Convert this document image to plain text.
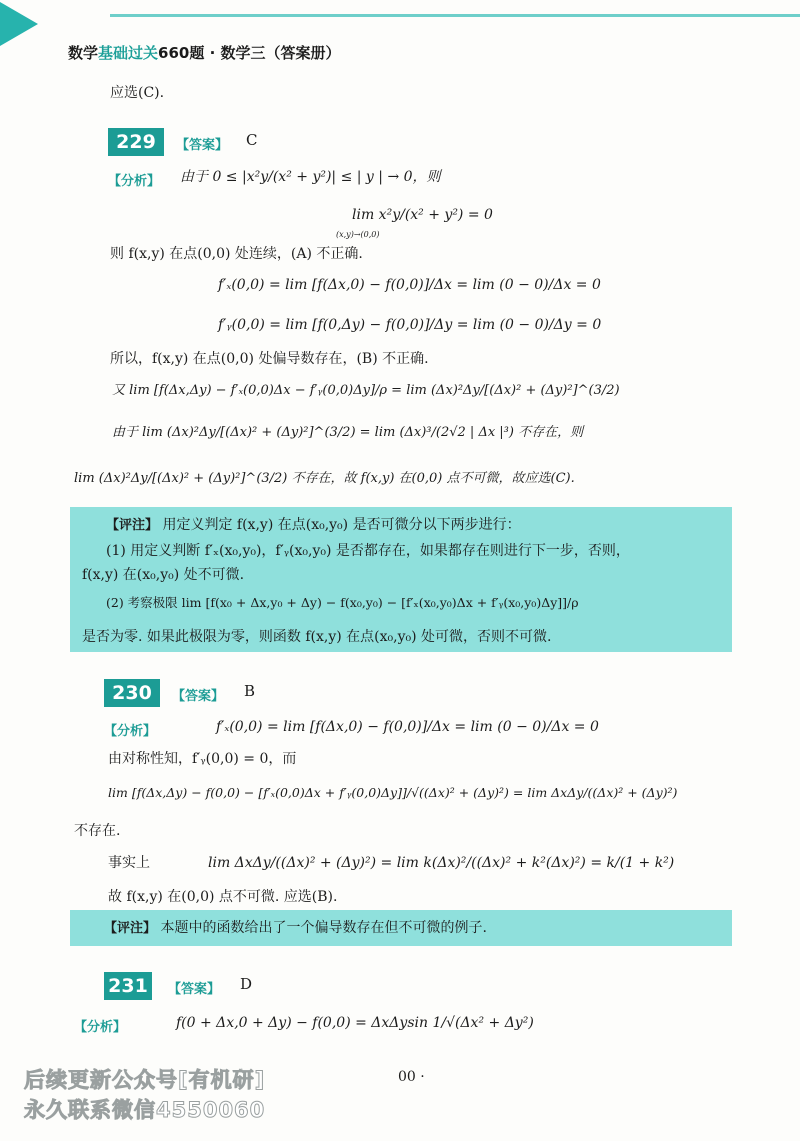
数学基础过关660题 · 数学三（答案册）
应选(C).
229	【答案】 C
【分析】 由于 0 ≤ |x²y/(x² + y²)| ≤ | y | → 0，则
lim x²y/(x² + y²) = 0
(x,y)→(0,0)
则 f(x,y) 在点(0,0) 处连续，(A) 不正确.
f′ₓ(0,0) = lim [f(Δx,0) − f(0,0)]/Δx = lim (0 − 0)/Δx = 0
f′ᵧ(0,0) = lim [f(0,Δy) − f(0,0)]/Δy = lim (0 − 0)/Δy = 0
所以，f(x,y) 在点(0,0) 处偏导数存在，(B) 不正确.
又 lim [f(Δx,Δy) − f′ₓ(0,0)Δx − f′ᵧ(0,0)Δy]/ρ = lim (Δx)²Δy/[(Δx)² + (Δy)²]^(3/2)
由于 lim (Δx)²Δy/[(Δx)² + (Δy)²]^(3/2) = lim (Δx)³/(2√2 | Δx |³) 不存在，则
lim (Δx)²Δy/[(Δx)² + (Δy)²]^(3/2) 不存在，故 f(x,y) 在(0,0) 点不可微，故应选(C).
【评注】 用定义判定 f(x,y) 在点(x₀,y₀) 是否可微分以下两步进行：
(1) 用定义判断 f′ₓ(x₀,y₀)，f′ᵧ(x₀,y₀) 是否都存在，如果都存在则进行下一步，否则，
f(x,y) 在(x₀,y₀) 处不可微.
(2) 考察极限 lim [f(x₀ + Δx,y₀ + Δy) − f(x₀,y₀) − [f′ₓ(x₀,y₀)Δx + f′ᵧ(x₀,y₀)Δy]]/ρ
是否为零. 如果此极限为零，则函数 f(x,y) 在点(x₀,y₀) 处可微，否则不可微.
230	【答案】 B
【分析】	f′ₓ(0,0) = lim [f(Δx,0) − f(0,0)]/Δx = lim (0 − 0)/Δx = 0
由对称性知，f′ᵧ(0,0) = 0，而
lim [f(Δx,Δy) − f(0,0) − [f′ₓ(0,0)Δx + f′ᵧ(0,0)Δy]]/√((Δx)² + (Δy)²) = lim ΔxΔy/((Δx)² + (Δy)²)
不存在.
事实上	lim ΔxΔy/((Δx)² + (Δy)²) = lim k(Δx)²/((Δx)² + k²(Δx)²) = k/(1 + k²)
故 f(x,y) 在(0,0) 点不可微. 应选(B).
【评注】 本题中的函数给出了一个偏导数存在但不可微的例子.
231	【答案】 D
【分析】	f(0 + Δx,0 + Δy) − f(0,0) = ΔxΔysin 1/√(Δx² + Δy²)
00 ·
后续更新公众号[有机研]
永久联系微信4550060
